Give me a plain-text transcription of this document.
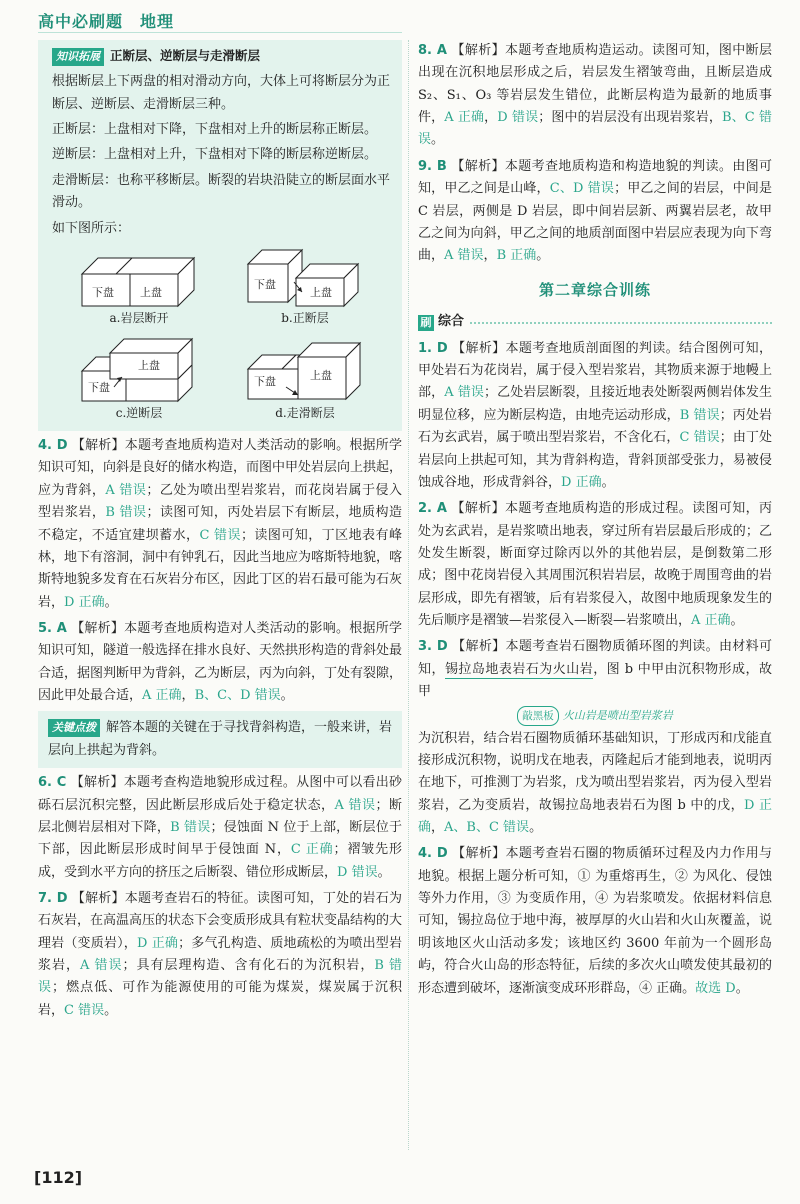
高中必刷题　地理
知识拓展 正断层、逆断层与走滑断层

根据断层上下两盘的相对滑动方向，大体上可将断层分为正断层、逆断层、走滑断层三种。

正断层：上盘相对下降，下盘相对上升的断层称正断层。

逆断层：上盘相对上升，下盘相对下降的断层称逆断层。

走滑断层：也称平移断层。断裂的岩块沿陡立的断层面水平滑动。

如下图所示：

下盘 上盘
a.岩层断开
下盘
上盘
b.正断层
下盘
上盘
c.逆断层
下盘	上盘
d.走滑断层

4. D 【解析】本题考查地质构造对人类活动的影响。根据所学知识可知，向斜是良好的储水构造，而图中甲处岩层向上拱起，应为背斜，A 错误；乙处为喷出型岩浆岩，而花岗岩属于侵入型岩浆岩，B 错误；读图可知，丙处岩层下有断层，地质构造不稳定，不适宜建坝蓄水，C 错误；读图可知，丁区地表有峰林，地下有溶洞，洞中有钟乳石，因此当地应为喀斯特地貌，喀斯特地貌多发育在石灰岩分布区，因此丁区的岩石最可能为石灰岩，D 正确。

5. A 【解析】本题考查地质构造对人类活动的影响。根据所学知识可知，隧道一般选择在排水良好、天然拱形构造的背斜处最合适，据图判断甲为背斜，乙为断层，丙为向斜，丁处有裂隙，因此甲处最合适，A 正确，B、C、D 错误。

关键点拨 解答本题的关键在于寻找背斜构造，一般来讲，岩层向上拱起为背斜。

6. C 【解析】本题考查构造地貌形成过程。从图中可以看出砂砾石层沉积完整，因此断层形成后处于稳定状态，A 错误；断层北侧岩层相对下降，B 错误；侵蚀面 N 位于上部，断层位于下部，因此断层形成时间早于侵蚀面 N，C 正确；褶皱先形成，受到水平方向的挤压之后断裂、错位形成断层，D 错误。

7. D 【解析】本题考查岩石的特征。读图可知，丁处的岩石为石灰岩，在高温高压的状态下会变质形成具有粒状变晶结构的大理岩（变质岩），D 正确；多气孔构造、质地疏松的为喷出型岩浆岩，A 错误；具有层理构造、含有化石的为沉积岩，B 错误；燃点低、可作为能源使用的可能为煤炭，煤炭属于沉积岩，C 错误。

8. A 【解析】本题考查地质构造运动。读图可知，图中断层出现在沉积地层形成之后，岩层发生褶皱弯曲，且断层造成 S₂、S₁、O₃ 等岩层发生错位，此断层构造为最新的地质事件，A 正确，D 错误；图中的岩层没有出现岩浆岩，B、C 错误。

9. B 【解析】本题考查地质构造和构造地貌的判读。由图可知，甲乙之间是山峰，C、D 错误；甲乙之间的岩层，中间是 C 岩层，两侧是 D 岩层，即中间岩层新、两翼岩层老，故甲乙之间为向斜，甲乙之间的地质剖面图中岩层应表现为向下弯曲，A 错误，B 正确。

第二章综合训练
刷 综合

1. D 【解析】本题考查地质剖面图的判读。结合图例可知，甲处岩石为花岗岩，属于侵入型岩浆岩，其物质来源于地幔上部，A 错误；乙处岩层断裂，且接近地表处断裂两侧岩体发生明显位移，应为断层构造，由地壳运动形成，B 错误；丙处岩石为玄武岩，属于喷出型岩浆岩，不含化石，C 错误；由丁处岩层向上拱起可知，其为背斜构造，背斜顶部受张力，易被侵蚀成谷地，形成背斜谷，D 正确。

2. A 【解析】本题考查地质构造的形成过程。读图可知，丙处为玄武岩，是岩浆喷出地表，穿过所有岩层最后形成的；乙处发生断裂，断面穿过除丙以外的其他岩层，是倒数第二形成；图中花岗岩侵入其周围沉积岩岩层，故晚于周围弯曲的岩层形成，即先有褶皱，后有岩浆侵入，故图中地质现象发生的先后顺序是褶皱—岩浆侵入—断裂—岩浆喷出，A 正确。

3. D 【解析】本题考查岩石圈物质循环图的判读。由材料可知，锡拉岛地表岩石为火山岩，图 b 中甲由沉积物形成，故甲

敲黑板 火山岩是喷出型岩浆岩

为沉积岩，结合岩石圈物质循环基础知识，丁形成丙和戊能直接形成沉积物，说明戊在地表，丙隆起后才能到地表，说明丙在地下，可推测丁为岩浆，戊为喷出型岩浆岩，丙为侵入型岩浆岩，乙为变质岩，故锡拉岛地表岩石为图 b 中的戊，D 正确，A、B、C 错误。

4. D 【解析】本题考查岩石圈的物质循环过程及内力作用与地貌。根据上题分析可知，① 为重熔再生，② 为风化、侵蚀等外力作用，③ 为变质作用，④ 为岩浆喷发。依据材料信息可知，锡拉岛位于地中海，被厚厚的火山岩和火山灰覆盖，说明该地区火山活动多发；该地区约 3600 年前为一个圆形岛屿，符合火山岛的形态特征，后续的多次火山喷发使其最初的形态遭到破坏，逐渐演变成环形群岛，④ 正确。故选 D。

[112]
